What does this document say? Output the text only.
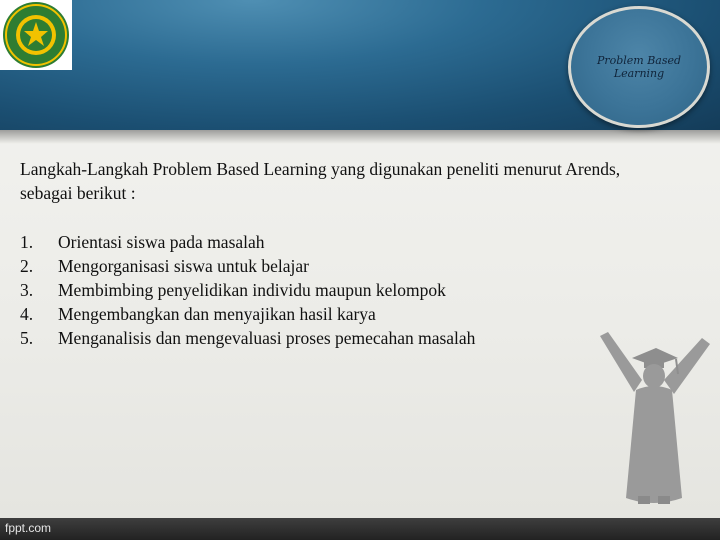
Problem Based Learning

Langkah-Langkah Problem Based Learning yang digunakan peneliti menurut Arends, sebagai berikut :

1.	Orientasi siswa pada masalah
2.	Mengorganisasi siswa untuk belajar
3.	Membimbing penyelidikan individu maupun kelompok
4.	Mengembangkan dan menyajikan hasil karya
5.	Menganalisis dan mengevaluasi proses pemecahan masalah
fppt.com
